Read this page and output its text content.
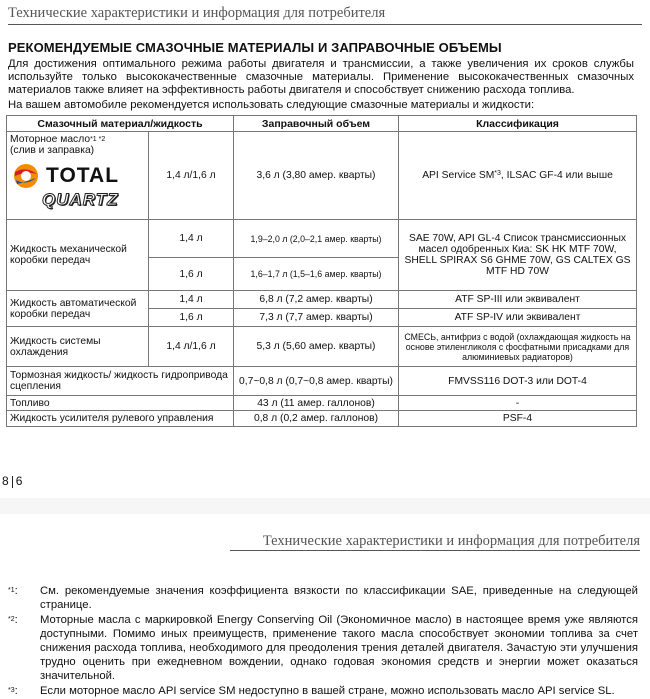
Технические характеристики и информация для потребителя
РЕКОМЕНДУЕМЫЕ СМАЗОЧНЫЕ МАТЕРИАЛЫ И ЗАПРАВОЧНЫЕ ОБЪЕМЫ
Для достижения оптимального режима работы двигателя и трансмиссии, а также увеличения их сроков службы используйте только высококачественные смазочные материалы. Применение высококачественных смазочных материалов также влияет на эффективность работы двигателя и способствует снижению расхода топлива.
На вашем автомобиле рекомендуется использовать следующие смазочные материалы и жидкости:
Смазочный материал/жидкость		Заправочный объем	Классификация

Моторное масло$^{*1 *2}$
(слив и заправка)
TOTAL
QUARTZ	1,4 л/1,6 л	3,6 л (3,80 амер. кварты)	API Service SM$^{*3}$, ILSAC GF-4 или выше
Жидкость механической коробки передач	1,4 л	1,9–2,0 л (2,0–2,1 амер. кварты)	SAE 70W, API GL-4 Список трансмиссионных масел одобренных Киа: SK HK MTF 70W, SHELL SPIRAX S6 GHME 70W, GS CALTEX GS MTF HD 70W
	1,6 л	1,6–1,7 л (1,5–1,6 амер. кварты)	
Жидкость автоматической коробки передач	1,4 л	6,8 л (7,2 амер. кварты)	ATF SP-III или эквивалент
	1,6 л	7,3 л (7,7 амер. кварты)	ATF SP-IV или эквивалент
Жидкость системы охлаждения	1,4 л/1,6 л	5,3 л (5,60 амер. кварты)	СМЕСЬ, антифриз с водой (охлаждающая жидкость на основе этиленгликоля с фосфатными присадками для алюминиевых радиаторов)
Тормозная жидкость/ жидкость гидропривода сцепления		0,7~0,8 л (0,7~0,8 амер. кварты)	FMVSS116 DOT-3 или DOT-4
Топливо		43 л (11 амер. галлонов)	-
Жидкость усилителя рулевого управления		0,8 л (0,2 амер. галлонов)	PSF-4
8 6
Технические характеристики и информация для потребителя
$^{*1}$: См. рекомендуемые значения коэффициента вязкости по классификации SAE, приведенные на следующей странице.
$^{*2}$: Моторные масла с маркировкой Energy Conserving Oil (Экономичное масло) в настоящее время уже являются доступными. Помимо иных преимуществ, применение такого масла способствует экономии топлива за счет снижения расхода топлива, необходимого для преодоления трения деталей двигателя. Зачастую эти улучшения трудно оценить при ежедневном вождении, однако годовая экономия средств и энергии может оказаться значительной.
$^{*3}$: Если моторное масло API service SM недоступно в вашей стране, можно использовать масло API service SL.
